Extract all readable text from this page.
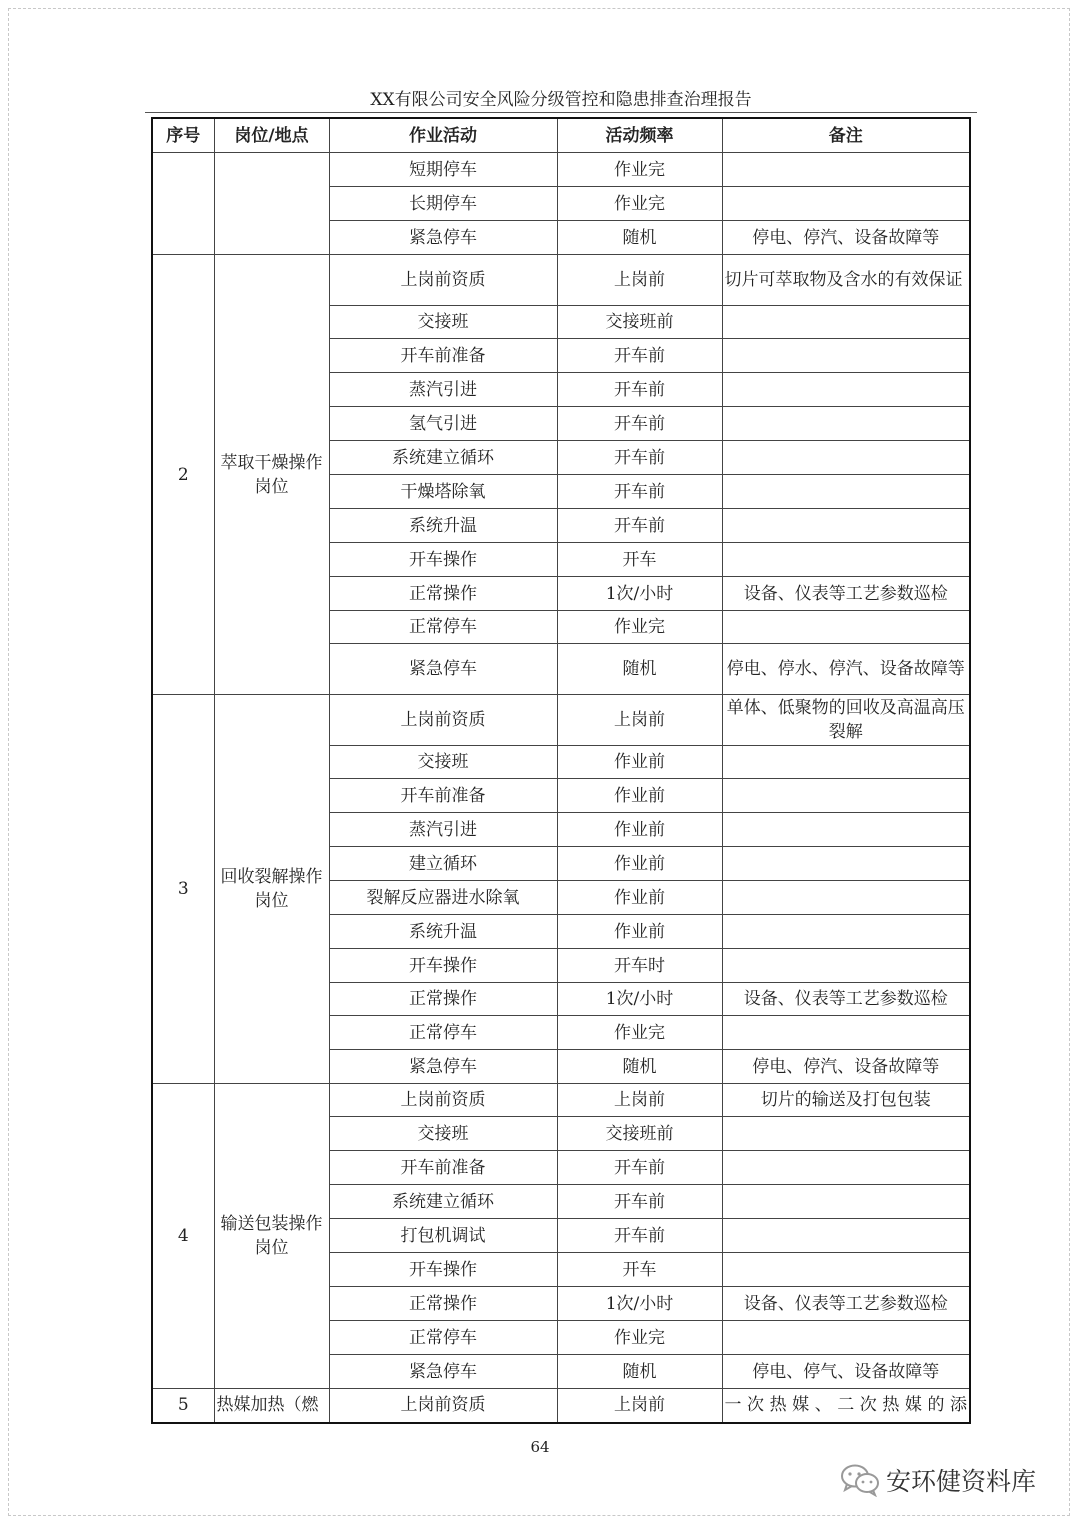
XX有限公司安全风险分级管控和隐患排查治理报告
序号	岗位/地点	作业活动	活动频率	备注
		短期停车	作业完	
		长期停车	作业完	
		紧急停车	随机	停电、停汽、设备故障等
2	萃取干燥操作岗位	上岗前资质	上岗前	切片可萃取物及含水的有效保证
		交接班	交接班前	
		开车前准备	开车前	
		蒸汽引进	开车前	
		氢气引进	开车前	
		系统建立循环	开车前	
		干燥塔除氧	开车前	
		系统升温	开车前	
		开车操作	开车	
		正常操作	1次/小时	设备、仪表等工艺参数巡检
		正常停车	作业完	
		紧急停车	随机	停电、停水、停汽、设备故障等
3	回收裂解操作岗位	上岗前资质	上岗前	单体、低聚物的回收及高温高压裂解
		交接班	作业前	
		开车前准备	作业前	
		蒸汽引进	作业前	
		建立循环	作业前	
		裂解反应器进水除氧	作业前	
		系统升温	作业前	
		开车操作	开车时	
		正常操作	1次/小时	设备、仪表等工艺参数巡检
		正常停车	作业完	
		紧急停车	随机	停电、停汽、设备故障等
4	输送包装操作岗位	上岗前资质	上岗前	切片的输送及打包包装
		交接班	交接班前	
		开车前准备	开车前	
		系统建立循环	开车前	
		打包机调试	开车前	
		开车操作	开车	
		正常操作	1次/小时	设备、仪表等工艺参数巡检
		正常停车	作业完	
		紧急停车	随机	停电、停气、设备故障等
5	热媒加热（燃	上岗前资质	上岗前	一次热媒、二次热媒的添
64
安环健资料库
